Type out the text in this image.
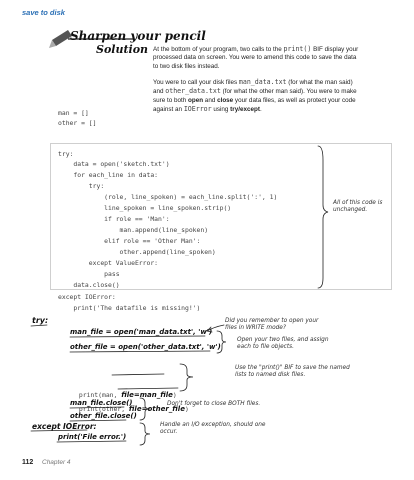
save to disk
Sharpen your pencil
Solution At the bottom of your program, two calls to the print() BIF display your processed data on screen. You were to amend this code to save the data to two disk files instead.
You were to call your disk files man_data.txt (for what the man said) and other_data.txt (for what the other man said). You were to make sure to both open and close your data files, as well as protect your code against an IOError using try/except.
man = []
other = []
try:
data = open('sketch.txt')
for each_line in data:
try:
(role, line_spoken) = each_line.split(':', 1)
line_spoken = line_spoken.strip()
if role == 'Man':
man.append(line_spoken)
elif role == 'Other Man':
other.append(line_spoken)
except ValueError:
pass
data.close()
except IOError:
print('The datafile is missing!')
try:
man_file = open('man_data.txt', 'w')
other_file = open('other_data.txt', 'w')

print(man, file=man_file)

print(other, file=other_file)

man_file.close()
other_file.close()
except IOError:
print('File error.')
All of this code is unchanged.
Did you remember to open your files in WRITE mode?
Open your two files, and assign each to file objects.
Use the "print()" BIF to save the named lists to named disk files.
Don't forget to close BOTH files.
Handle an I/O exception, should one occur.
112 Chapter 4
